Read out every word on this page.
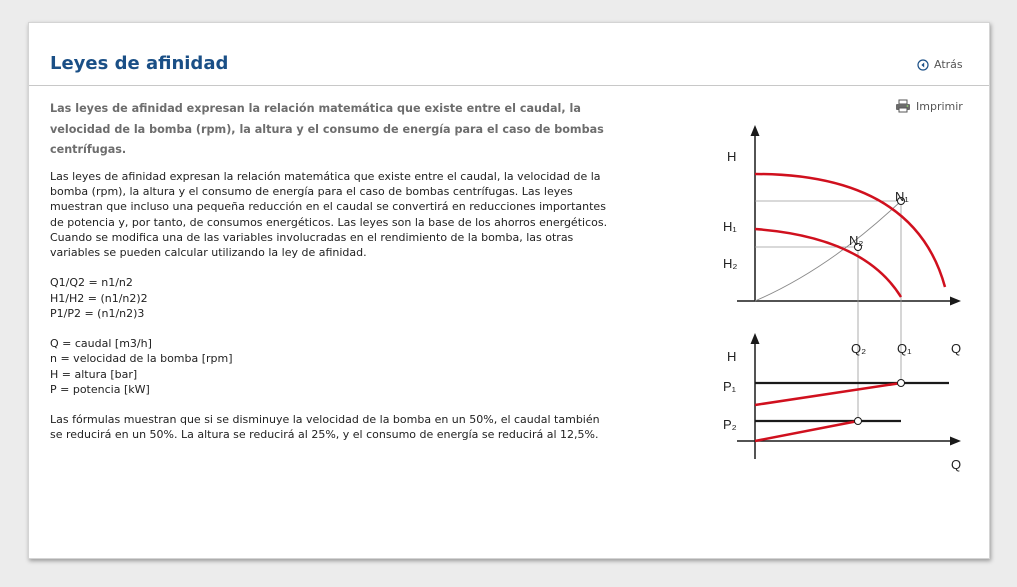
Leyes de afinidad	Atrás
Imprimir

Las leyes de afinidad expresan la relación matemática que existe entre el caudal, la velocidad de la bomba (rpm), la altura y el consumo de energía para el caso de bombas centrífugas.

Las leyes de afinidad expresan la relación matemática que existe entre el caudal, la velocidad de la bomba (rpm), la altura y el consumo de energía para el caso de bombas centrífugas. Las leyes muestran que incluso una pequeña reducción en el caudal se convertirá en reducciones importantes de potencia y, por tanto, de consumos energéticos. Las leyes son la base de los ahorros energéticos.

Cuando se modifica una de las variables involucradas en el rendimiento de la bomba, las otras variables se pueden calcular utilizando la ley de afinidad.

Q1/Q2 = n1/n2

H1/H2 = (n1/n2)2

P1/P2 = (n1/n2)3

Q = caudal [m3/h]

n = velocidad de la bomba [rpm]

H = altura [bar]

P = potencia [kW]

Las fórmulas muestran que si se disminuye la velocidad de la bomba en un 50%, el caudal también se reducirá en un 50%. La altura se reducirá al 25%, y el consumo de energía se reducirá al 12,5%.

H
H₁
H₂
N₁
N₂
Q₂ Q₁	Q
H
P₁
P₂
Q
